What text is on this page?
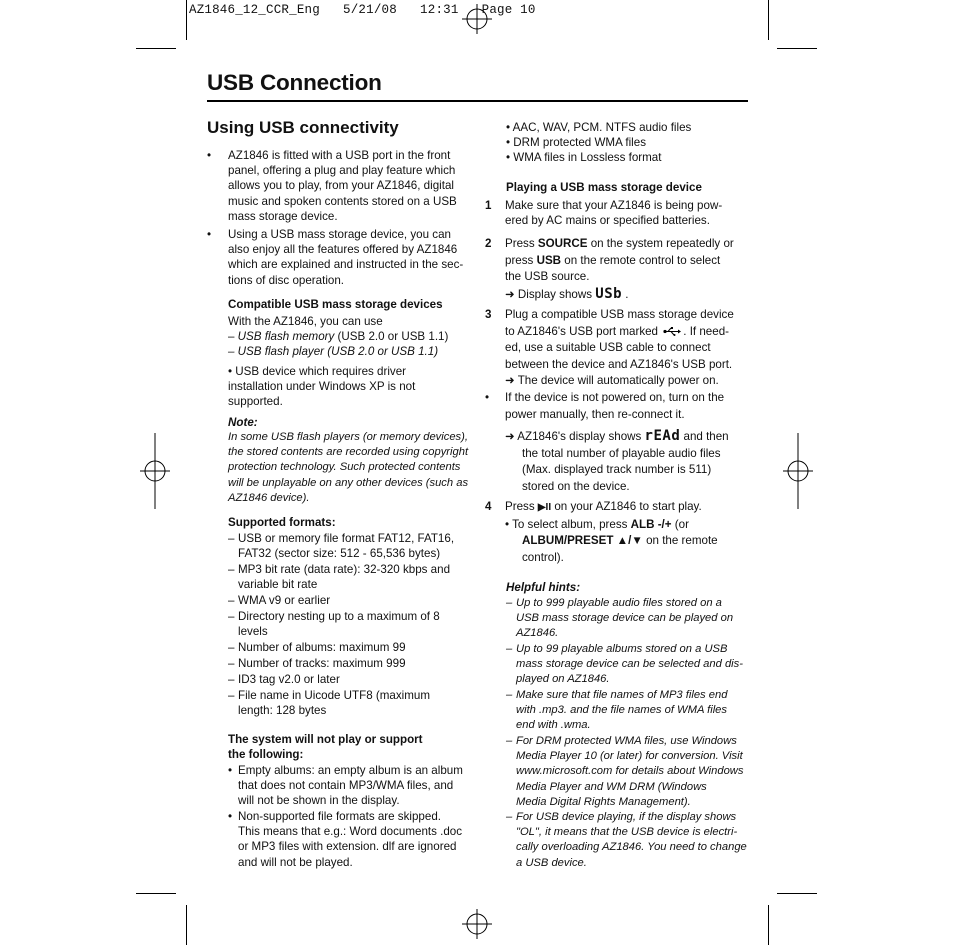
AZ1846_12_CCR_Eng   5/21/08   12:31   Page 10
USB Connection
Using USB connectivity
• AZ1846 is fitted with a USB port in the front
panel, offering a plug and play feature which
allows you to play, from your AZ1846, digital
music and spoken contents stored on a USB
mass storage device.
• Using a USB mass storage device, you can
also enjoy all the features offered by AZ1846
which are explained and instructed in the sec-
tions of disc operation.
Compatible USB mass storage devices
With the AZ1846, you can use
– USB flash memory (USB 2.0 or USB 1.1)
– USB flash player (USB 2.0 or USB 1.1)
• USB device which requires driver
installation under Windows XP is not
supported.
Note:
In some USB flash players (or memory devices),
the stored contents are recorded using copyright
protection technology. Such protected contents
will be unplayable on any other devices (such as
AZ1846 device).
Supported formats:
– USB or memory file format FAT12, FAT16,
FAT32 (sector size: 512 - 65,536 bytes)
– MP3 bit rate (data rate): 32-320 kbps and
variable bit rate
– WMA v9 or earlier
– Directory nesting up to a maximum of 8
levels
– Number of albums: maximum 99
– Number of tracks: maximum 999
– ID3 tag v2.0 or later
– File name in Uicode UTF8 (maximum
length: 128 bytes
The system will not play or support
the following:
• Empty albums: an empty album is an album
that does not contain MP3/WMA files, and
will not be shown in the display.
• Non-supported file formats are skipped.
This means that e.g.: Word documents .doc
or MP3 files with extension. dlf are ignored
and will not be played.
• AAC, WAV, PCM. NTFS audio files
• DRM protected WMA files
• WMA files in Lossless format
Playing a USB mass storage device
1 Make sure that your AZ1846 is being pow-
ered by AC mains or specified batteries.
2 Press SOURCE on the system repeatedly or
press USB on the remote control to select
the USB source.
➜ Display shows USb .
3 Plug a compatible USB mass storage device
to AZ1846's USB port marked . If need-
ed, use a suitable USB cable to connect
between the device and AZ1846's USB port.
➜ The device will automatically power on.
• If the device is not powered on, turn on the
power manually, then re-connect it.
➜ AZ1846's display shows rEAd and then
the total number of playable audio files
(Max. displayed track number is 511)
stored on the device.
4 Press ▶II on your AZ1846 to start play.
• To select album, press ALB -/+ (or
ALBUM/PRESET ▲/▼ on the remote
control).
Helpful hints:
– Up to 999 playable audio files stored on a
USB mass storage device can be played on
AZ1846.
– Up to 99 playable albums stored on a USB
mass storage device can be selected and dis-
played on AZ1846.
– Make sure that file names of MP3 files end
with .mp3. and the file names of WMA files
end with .wma.
– For DRM protected WMA files, use Windows
Media Player 10 (or later) for conversion. Visit
www.microsoft.com for details about Windows
Media Player and WM DRM (Windows
Media Digital Rights Management).
– For USB device playing, if the display shows
"OL", it means that the USB device is electri-
cally overloading AZ1846. You need to change
a USB device.
